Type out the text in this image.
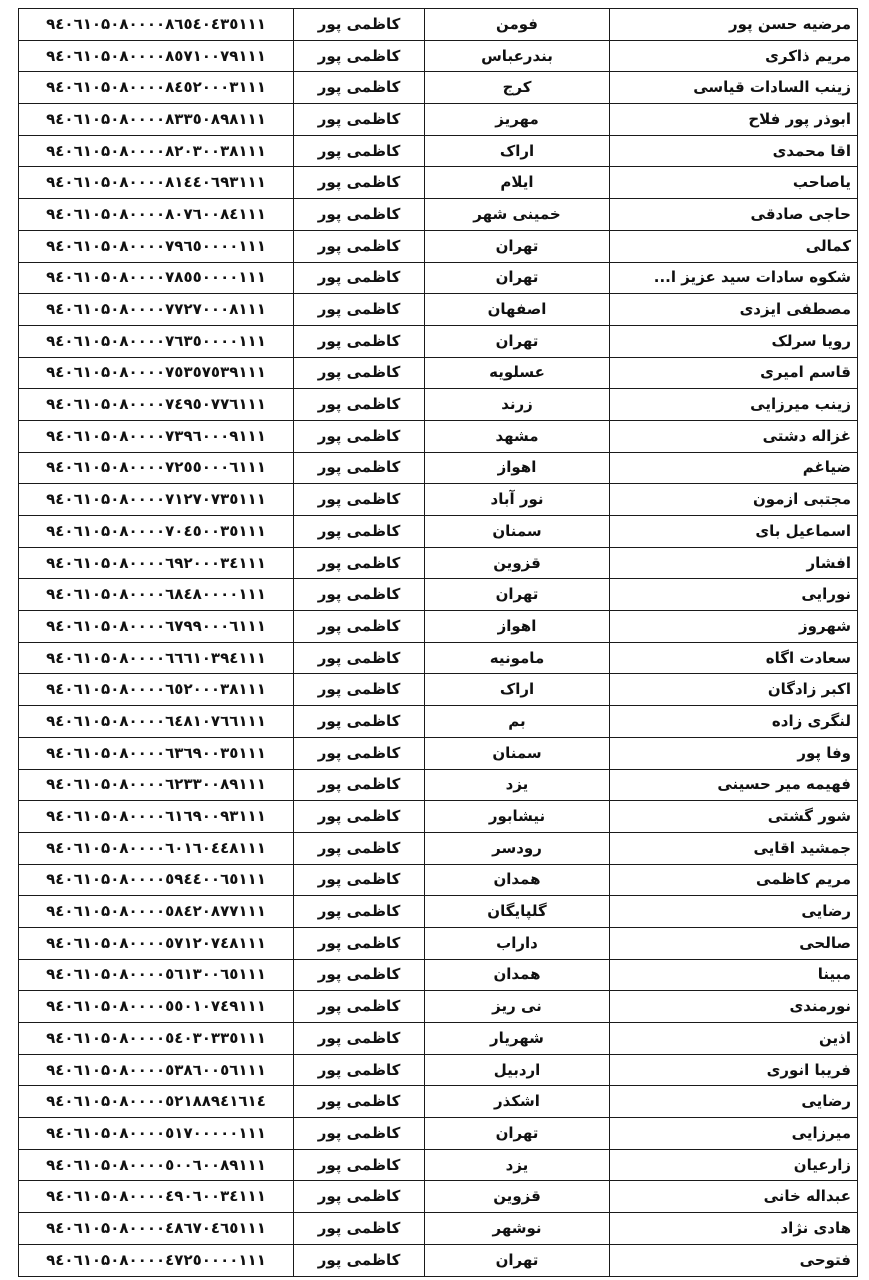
۹٤۰٦۱۰۵۰۸۰۰۰۰۸٦٥٤۰٤۳٥۱۱۱	کاظمی پور	فومن	مرضیه حسن پور
۹٤۰٦۱۰۵۰۸۰۰۰۰۸٥۷۱۰۰۷۹۱۱۱	کاظمی پور	بندرعباس	مریم ذاکری
۹٤۰٦۱۰۵۰۸۰۰۰۰۸٤٥۲۰۰۰۳۱۱۱	کاظمی پور	کرج	زینب السادات قیاسی
۹٤۰٦۱۰۵۰۸۰۰۰۰۸۳۳٥۰۸۹۸۱۱۱	کاظمی پور	مهریز	ابوذر پور فلاح
۹٤۰٦۱۰۵۰۸۰۰۰۰۸۲۰۳۰۰۳۸۱۱۱	کاظمی پور	اراک	اقا محمدی
۹٤۰٦۱۰۵۰۸۰۰۰۰۸۱٤٤۰٦۹۳۱۱۱	کاظمی پور	ایلام	یاصاحب
۹٤۰٦۱۰۵۰۸۰۰۰۰۸۰۷٦۰۰۸٤۱۱۱	کاظمی پور	خمینی شهر	حاجی صادقی
۹٤۰٦۱۰۵۰۸۰۰۰۰۷۹٦٥۰۰۰۰۱۱۱	کاظمی پور	تهران	کمالی
۹٤۰٦۱۰۵۰۸۰۰۰۰۷۸٥٥۰۰۰۰۱۱۱	کاظمی پور	تهران	شکوه سادات سید عزیز ا...
۹٤۰٦۱۰۵۰۸۰۰۰۰۷۷۲۷۰۰۰۸۱۱۱	کاظمی پور	اصفهان	مصطفی ایزدی
۹٤۰٦۱۰۵۰۸۰۰۰۰۷٦۳٥۰۰۰۰۱۱۱	کاظمی پور	تهران	رویا سرلک
۹٤۰٦۱۰۵۰۸۰۰۰۰۷٥۳٥۷٥۳۹۱۱۱	کاظمی پور	عسلویه	قاسم امیری
۹٤۰٦۱۰۵۰۸۰۰۰۰۷٤۹٥۰۷۷٦۱۱۱	کاظمی پور	زرند	زینب میرزایی
۹٤۰٦۱۰۵۰۸۰۰۰۰۷۳۹٦۰۰۰۹۱۱۱	کاظمی پور	مشهد	غزاله دشتی
۹٤۰٦۱۰۵۰۸۰۰۰۰۷۲٥٥۰۰۰٦۱۱۱	کاظمی پور	اهواز	ضیاغم
۹٤۰٦۱۰۵۰۸۰۰۰۰۷۱۲۷۰۷۳٥۱۱۱	کاظمی پور	نور آباد	مجتبی ازمون
۹٤۰٦۱۰۵۰۸۰۰۰۰۷۰٤٥۰۰۳٥۱۱۱	کاظمی پور	سمنان	اسماعیل بای
۹٤۰٦۱۰۵۰۸۰۰۰۰٦۹۲۰۰۰۳٤۱۱۱	کاظمی پور	قزوین	افشار
۹٤۰٦۱۰۵۰۸۰۰۰۰٦۸٤۸۰۰۰۰۱۱۱	کاظمی پور	تهران	نورایی
۹٤۰٦۱۰۵۰۸۰۰۰۰٦۷۹۹۰۰۰٦۱۱۱	کاظمی پور	اهواز	شهروز
۹٤۰٦۱۰۵۰۸۰۰۰۰٦٦٦۱۰۳۹٤۱۱۱	کاظمی پور	مامونیه	سعادت اگاه
۹٤۰٦۱۰۵۰۸۰۰۰۰٦٥۲۰۰۰۳۸۱۱۱	کاظمی پور	اراک	اکبر زادگان
۹٤۰٦۱۰۵۰۸۰۰۰۰٦٤۸۱۰۷٦٦۱۱۱	کاظمی پور	بم	لنگری زاده
۹٤۰٦۱۰۵۰۸۰۰۰۰٦۳٦۹۰۰۳٥۱۱۱	کاظمی پور	سمنان	وفا پور
۹٤۰٦۱۰۵۰۸۰۰۰۰٦۲۳۳۰۰۸۹۱۱۱	کاظمی پور	یزد	فهیمه میر حسینی
۹٤۰٦۱۰۵۰۸۰۰۰۰٦۱٦۹۰۰۹۳۱۱۱	کاظمی پور	نیشابور	شور گشتی
۹٤۰٦۱۰۵۰۸۰۰۰۰٦۰۱٦۰٤٤۸۱۱۱	کاظمی پور	رودسر	جمشید اقایی
۹٤۰٦۱۰۵۰۸۰۰۰۰٥۹٤٤۰۰٦٥۱۱۱	کاظمی پور	همدان	مریم کاظمی
۹٤۰٦۱۰۵۰۸۰۰۰۰٥۸٤۲۰۸۷۷۱۱۱	کاظمی پور	گلپایگان	رضایی
۹٤۰٦۱۰۵۰۸۰۰۰۰٥۷۱۲۰۷٤۸۱۱۱	کاظمی پور	داراب	صالحی
۹٤۰٦۱۰۵۰۸۰۰۰۰٥٦۱۳۰۰٦٥۱۱۱	کاظمی پور	همدان	مبینا
۹٤۰٦۱۰۵۰۸۰۰۰۰٥٥۰۱۰۷٤۹۱۱۱	کاظمی پور	نی ریز	نورمندی
۹٤۰٦۱۰۵۰۸۰۰۰۰٥٤۰۳۰۳۳٥۱۱۱	کاظمی پور	شهریار	اذین
۹٤۰٦۱۰۵۰۸۰۰۰۰٥۳۸٦۰۰٥٦۱۱۱	کاظمی پور	اردبیل	فریبا انوری
۹٤۰٦۱۰۵۰۸۰۰۰۰٥۲۱۸۸۹٤۱٦۱٤	کاظمی پور	اشکذر	رضایی
۹٤۰٦۱۰۵۰۸۰۰۰۰٥۱۷۰۰۰۰۰۱۱۱	کاظمی پور	تهران	میرزایی
۹٤۰٦۱۰۵۰۸۰۰۰۰٥۰۰٦۰۰۸۹۱۱۱	کاظمی پور	یزد	زارعیان
۹٤۰٦۱۰۵۰۸۰۰۰۰٤۹۰٦۰۰۳٤۱۱۱	کاظمی پور	قزوین	عبداله خانی
۹٤۰٦۱۰۵۰۸۰۰۰۰٤۸٦۷۰٤٦٥۱۱۱	کاظمی پور	نوشهر	هادی نژاد
۹٤۰٦۱۰۵۰۸۰۰۰۰٤۷۲٥۰۰۰۰۱۱۱	کاظمی پور	تهران	فتوحی
